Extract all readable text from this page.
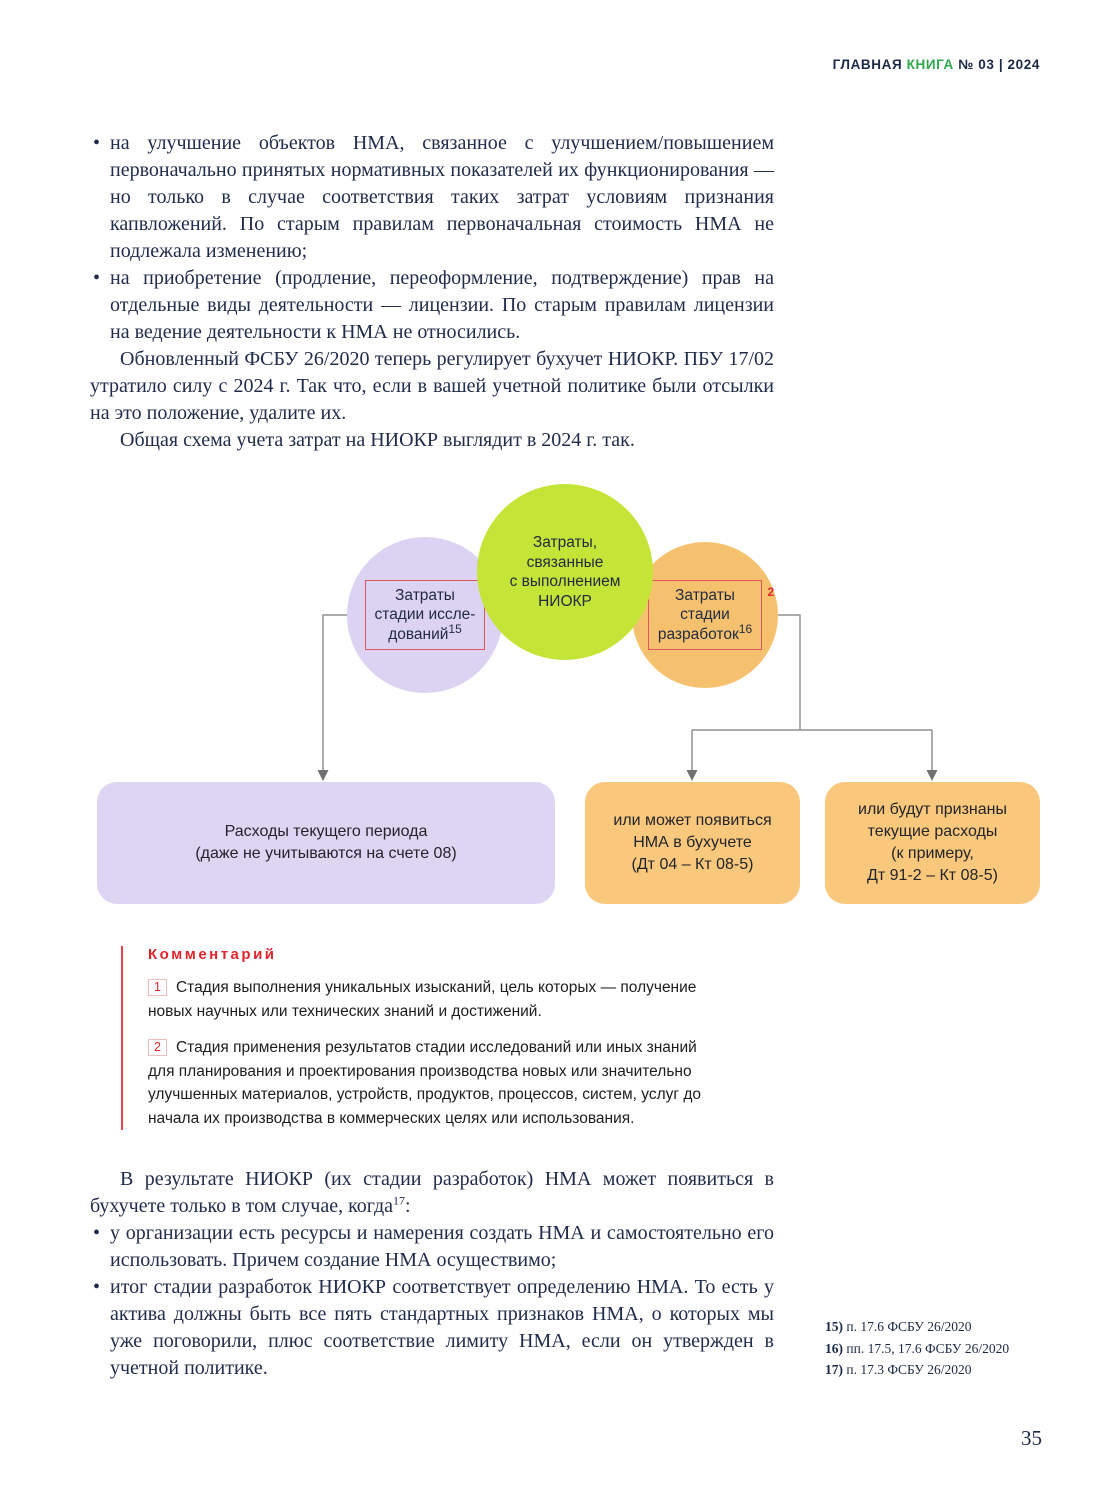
ГЛАВНАЯ КНИГА № 03 | 2024

• на улучшение объектов НМА, связанное с улучшением/повышением первоначально принятых нормативных показателей их функционирования — но только в случае соответствия таких затрат условиям признания капвложений. По старым правилам первоначальная стоимость НМА не подлежала изменению;

• на приобретение (продление, переоформление, подтверждение) прав на отдельные виды деятельности — лицензии. По старым правилам лицензии на ведение деятельности к НМА не относились.

Обновленный ФСБУ 26/2020 теперь регулирует бухучет НИОКР. ПБУ 17/02 утратило силу с 2024 г. Так что, если в вашей учетной политике были отсылки на это положение, удалите их.

Общая схема учета затрат на НИОКР выглядит в 2024 г. так.

Затраты
стадии иссле-
дований$^{15}$
Затраты,
связанные
с выполнением
НИОКР	Затраты
стадии
разработок$^{16}$
2
Расходы текущего периода
(даже не учитываются на счете 08)
или может появиться
НМА в бухучете
(Дт 04 – Кт 08-5)
или будут признаны
текущие расходы
(к примеру,
Дт 91-2 – Кт 08-5)
Комментарий
1 Стадия выполнения уникальных изысканий, цель которых — получение новых научных или технических знаний и достижений.
2 Стадия применения результатов стадии исследований или иных знаний для планирования и проектирования производства новых или значительно улучшенных материалов, устройств, продуктов, процессов, систем, услуг до начала их производства в коммерческих целях или использования.

В результате НИОКР (их стадии разработок) НМА может появиться в бухучете только в том случае, когда$^{17}$:

• у организации есть ресурсы и намерения создать НМА и самостоятельно его использовать. Причем создание НМА осуществимо;

• итог стадии разработок НИОКР соответствует определению НМА. То есть у актива должны быть все пять стандартных признаков НМА, о которых мы уже поговорили, плюс соответствие лимиту НМА, если он утвержден в учетной политике.

15) п. 17.6 ФСБУ 26/2020
16) пп. 17.5, 17.6 ФСБУ 26/2020
17) п. 17.3 ФСБУ 26/2020
35
